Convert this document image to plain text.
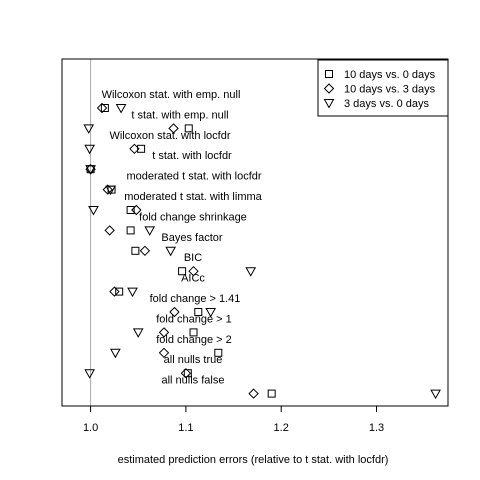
Wilcoxon stat. with emp. null
t stat. with emp. null
Wilcoxon stat. with locfdr
t stat. with locfdr
moderated t stat. with locfdr
moderated t stat. with limma
fold change shrinkage
Bayes factor
BIC
AICc
fold change > 1.41
fold change > 1
fold change > 2
all nulls true
all nulls false
1.0	1.1	1.2	1.3
estimated prediction errors (relative to t stat. with locfdr)
10 days vs. 0 days
10 days vs. 3 days
3 days vs. 0 days
